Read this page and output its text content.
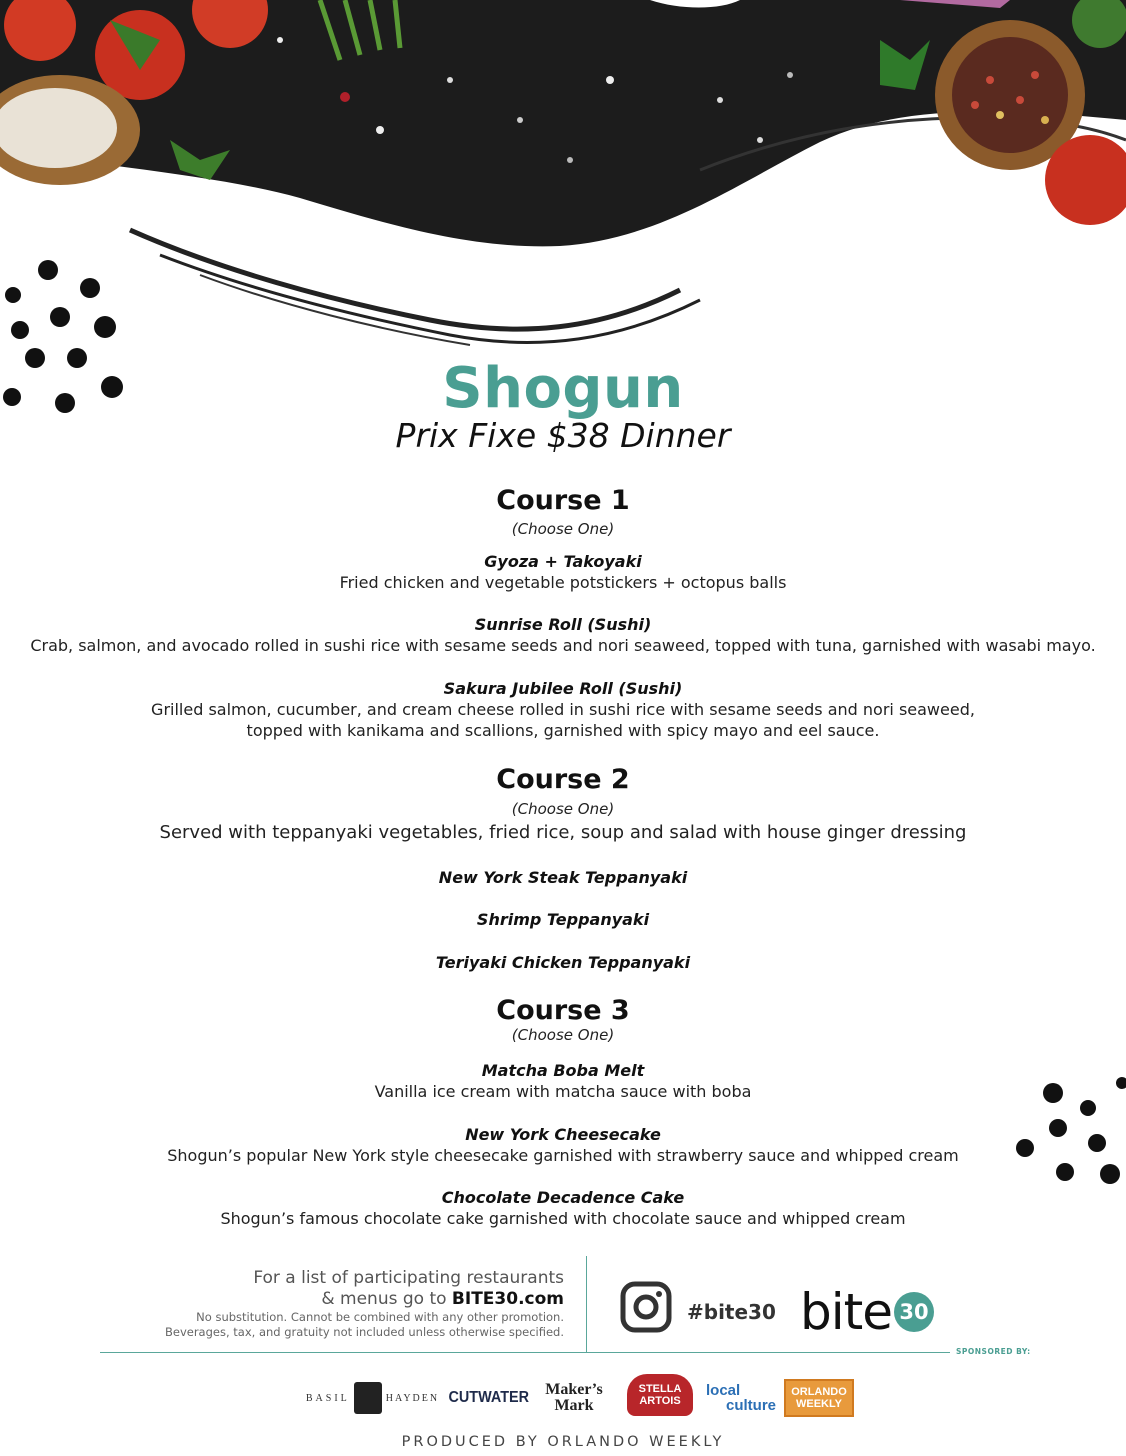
Shogun
Prix Fixe $38 Dinner
Course 1
(Choose One)
Gyoza + Takoyaki
Fried chicken and vegetable potstickers + octopus balls
Sunrise Roll (Sushi)
Crab, salmon, and avocado rolled in sushi rice with sesame seeds and nori seaweed, topped with tuna, garnished with wasabi mayo.
Sakura Jubilee Roll (Sushi)
Grilled salmon, cucumber, and cream cheese rolled in sushi rice with sesame seeds and nori seaweed,
topped with kanikama and scallions, garnished with spicy mayo and eel sauce.
Course 2
(Choose One)
Served with teppanyaki vegetables, fried rice, soup and salad with house ginger dressing
New York Steak Teppanyaki
Shrimp Teppanyaki
Teriyaki Chicken Teppanyaki
Course 3
(Choose One)
Matcha Boba Melt
Vanilla ice cream with matcha sauce with boba
New York Cheesecake
Shogun’s popular New York style cheesecake garnished with strawberry sauce and whipped cream
Chocolate Decadence Cake
Shogun’s famous chocolate cake garnished with chocolate sauce and whipped cream
For a list of participating restaurants
& menus go to BITE30.com
No substitution. Cannot be combined with any other promotion.
Beverages, tax, and gratuity not included unless otherwise specified.
SPONSORED BY:
#bite30 bite 30
BASIL	HAYDEN CUTWATER Maker’s
Mark
STELLA
ARTOIS
local
culture
ORLANDO
WEEKLY
PRODUCED BY ORLANDO WEEKLY
